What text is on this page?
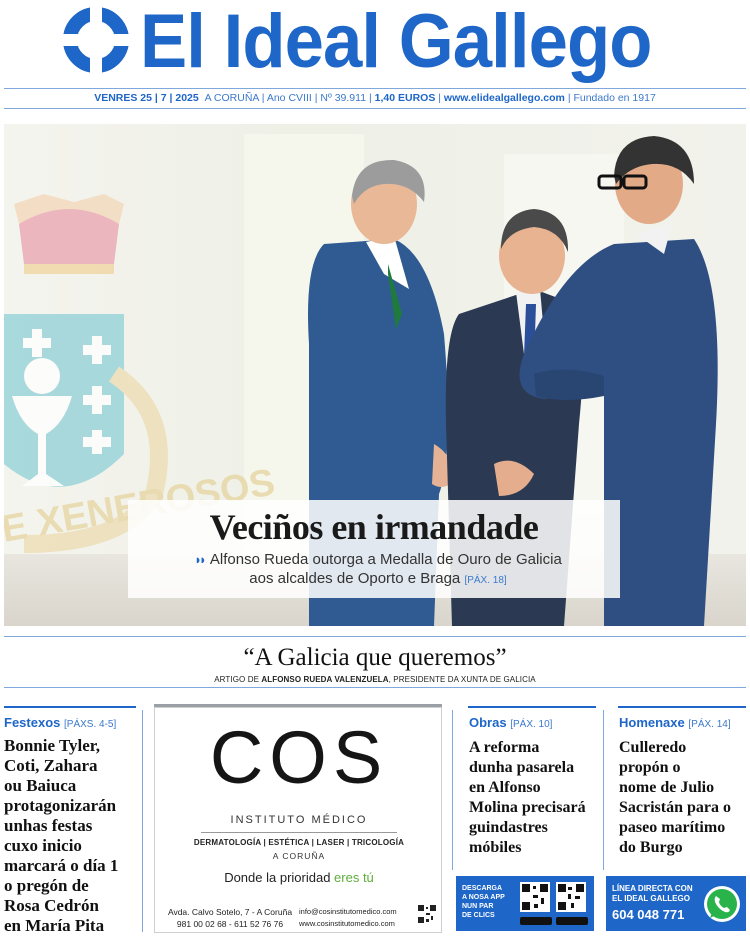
El Ideal Gallego
VENRES 25 | 7 | 2025 A CORUÑA | Ano CVIII | Nº 39.911 | 1,40 EUROS | www.elidealgallego.com | Fundado en 1917
E	Veciños en irmandade
◗◗ Alfonso Rueda outorga a Medalla de Ouro de Galicia
aos alcaldes de Oporto e Braga [PÁX. 18]
“A Galicia que queremos”
ARTIGO DE ALFONSO RUEDA VALENZUELA, PRESIDENTE DA XUNTA DE GALICIA
Festexos [PÁXS. 4-5]
Bonnie Tyler,
Coti, Zahara
ou Baiuca
protagonizarán
unhas festas
cuxo inicio
marcará o día 1
o pregón de
Rosa Cedrón
en María Pita
COS
INSTITUTO MÉDICO
DERMATOLOGÍA | ESTÉTICA | LASER | TRICOLOGÍA
A CORUÑA
Donde la prioridad eres tú
Avda. Calvo Sotelo, 7 - A Coruña
981 00 02 68 - 611 52 76 76
info@cosinstitutomedico.com
www.cosinstitutomedico.com
Obras [PÁX. 10]
A reforma
dunha pasarela
en Alfonso
Molina precisará
guindastres
móbiles
Homenaxe [PÁX. 14]
Culleredo
propón o
nome de Julio
Sacristán para o
paseo marítimo
do Burgo
DESCARGA
A NOSA APP
NUN PAR
DE CLICS
LÍNEA DIRECTA CON
EL IDEAL GALLEGO
604 048 771
